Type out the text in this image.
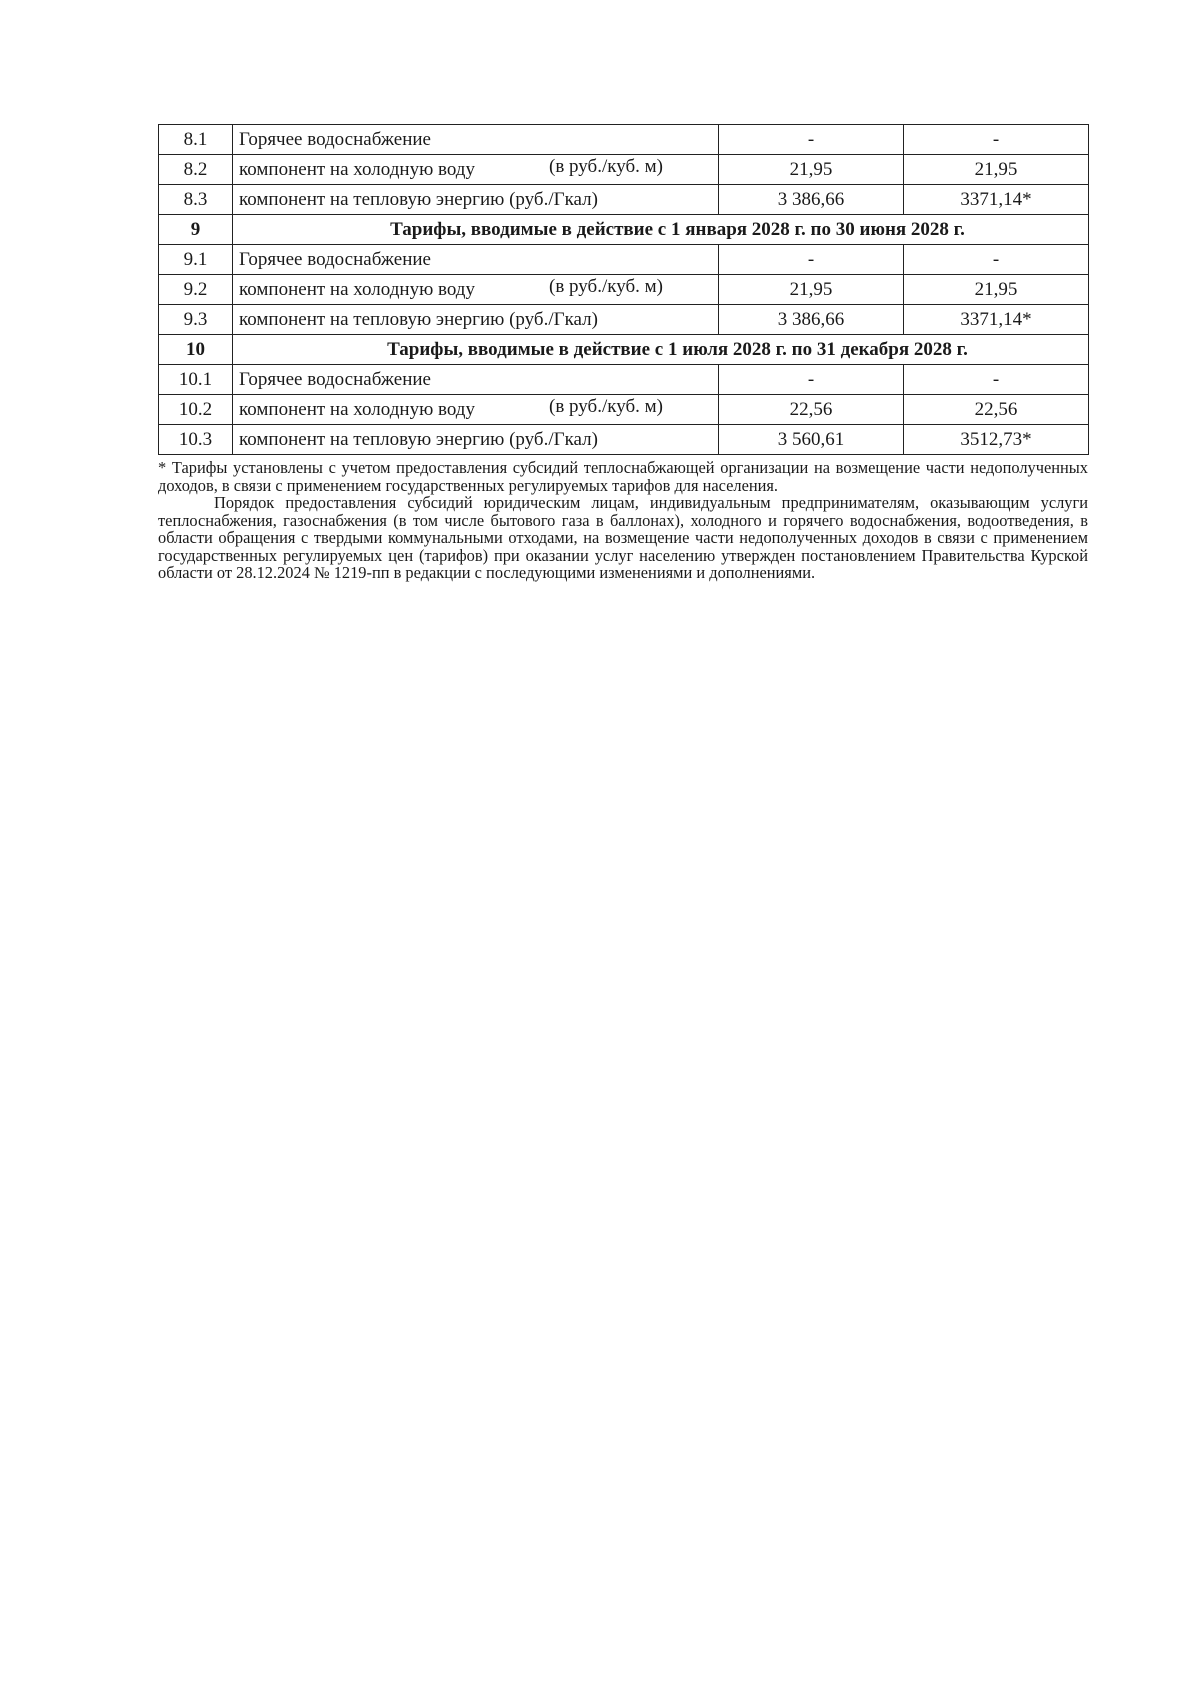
8.1	Горячее водоснабжение	-	-
8.2	компонент на холодную воду (в руб./куб. м)	21,95	21,95
8.3	компонент на тепловую энергию (руб./Гкал)	3 386,66	3371,14*
9	Тарифы, вводимые в действие с 1 января 2028 г. по 30 июня 2028 г.		
9.1	Горячее водоснабжение	-	-
9.2	компонент на холодную воду (в руб./куб. м)	21,95	21,95
9.3	компонент на тепловую энергию (руб./Гкал)	3 386,66	3371,14*
10	Тарифы, вводимые в действие с 1 июля 2028 г. по 31 декабря 2028 г.		
10.1	Горячее водоснабжение	-	-
10.2	компонент на холодную воду (в руб./куб. м)	22,56	22,56
10.3	компонент на тепловую энергию (руб./Гкал)	3 560,61	3512,73*

* Тарифы установлены с учетом предоставления субсидий теплоснабжающей организации на возмещение части недополученных доходов, в связи с применением государственных регулируемых тарифов для населения.

Порядок предоставления субсидий юридическим лицам, индивидуальным предпринимателям, оказывающим услуги теплоснабжения, газоснабжения (в том числе бытового газа в баллонах), холодного и горячего водоснабжения, водоотведения, в области обращения с твердыми коммунальными отходами, на возмещение части недополученных доходов в связи с применением государственных регулируемых цен (тарифов) при оказании услуг населению утвержден постановлением Правительства Курской области от 28.12.2024 № 1219-пп в редакции с последующими изменениями и дополнениями.
